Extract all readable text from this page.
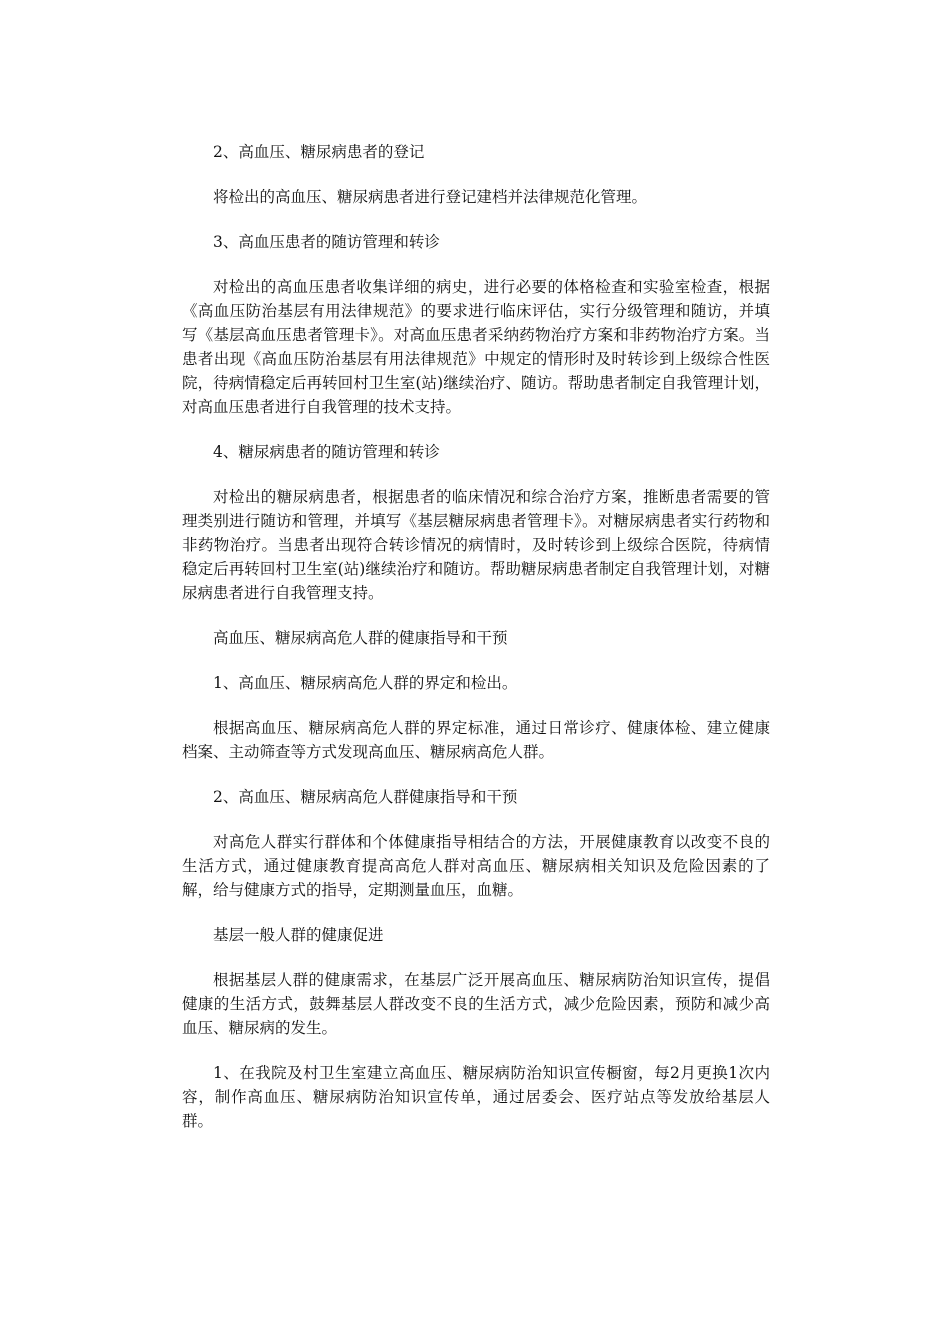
2、高血压、糖尿病患者的登记

将检出的高血压、糖尿病患者进行登记建档并法律规范化管理。

3、高血压患者的随访管理和转诊

对检出的高血压患者收集详细的病史，进行必要的体格检查和实验室检查，根据《高血压防治基层有用法律规范》的要求进行临床评估，实行分级管理和随访，并填写《基层高血压患者管理卡》。对高血压患者采纳药物治疗方案和非药物治疗方案。当患者出现《高血压防治基层有用法律规范》中规定的情形时及时转诊到上级综合性医院，待病情稳定后再转回村卫生室(站)继续治疗、随访。帮助患者制定自我管理计划，对高血压患者进行自我管理的技术支持。

4、糖尿病患者的随访管理和转诊

对检出的糖尿病患者，根据患者的临床情况和综合治疗方案，推断患者需要的管理类别进行随访和管理，并填写《基层糖尿病患者管理卡》。对糖尿病患者实行药物和非药物治疗。当患者出现符合转诊情况的病情时，及时转诊到上级综合医院，待病情稳定后再转回村卫生室(站)继续治疗和随访。帮助糖尿病患者制定自我管理计划，对糖尿病患者进行自我管理支持。

高血压、糖尿病高危人群的健康指导和干预

1、高血压、糖尿病高危人群的界定和检出。

根据高血压、糖尿病高危人群的界定标准，通过日常诊疗、健康体检、建立健康档案、主动筛查等方式发现高血压、糖尿病高危人群。

2、高血压、糖尿病高危人群健康指导和干预

对高危人群实行群体和个体健康指导相结合的方法，开展健康教育以改变不良的生活方式，通过健康教育提高高危人群对高血压、糖尿病相关知识及危险因素的了解，给与健康方式的指导，定期测量血压，血糖。

基层一般人群的健康促进

根据基层人群的健康需求，在基层广泛开展高血压、糖尿病防治知识宣传，提倡健康的生活方式，鼓舞基层人群改变不良的生活方式，减少危险因素，预防和减少高血压、糖尿病的发生。

1、在我院及村卫生室建立高血压、糖尿病防治知识宣传橱窗，每2月更换1次内容，制作高血压、糖尿病防治知识宣传单，通过居委会、医疗站点等发放给基层人群。
